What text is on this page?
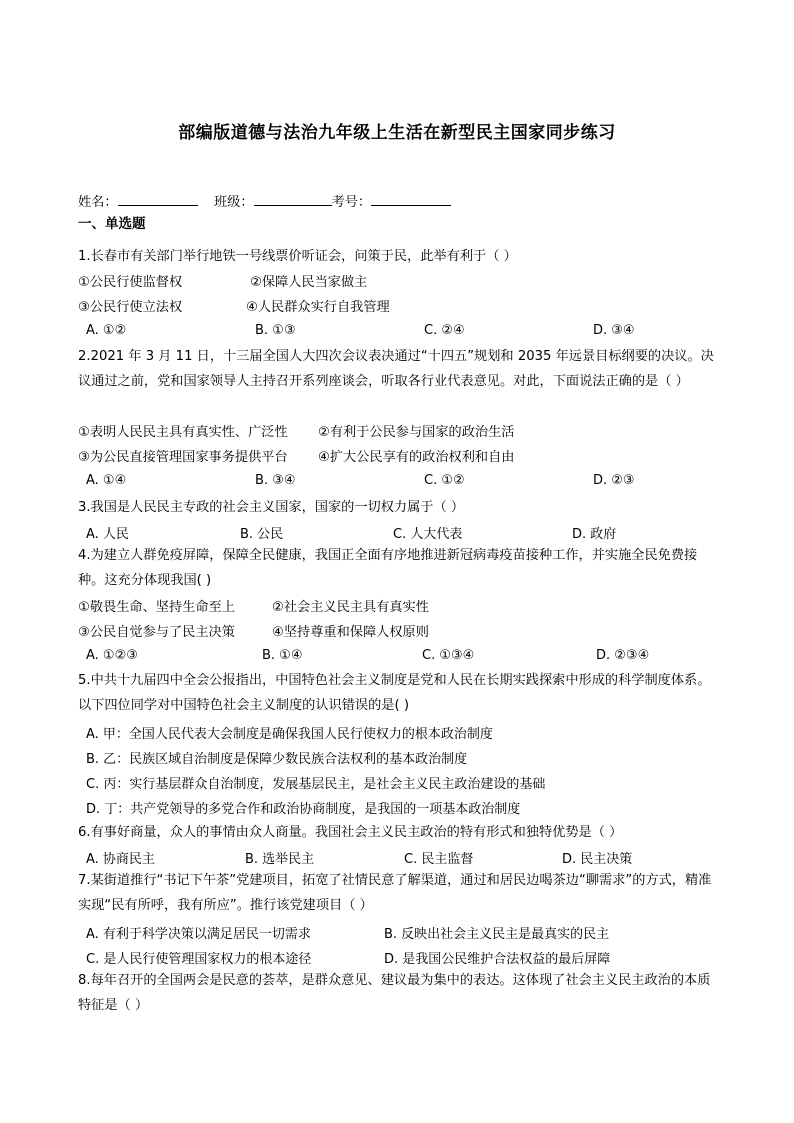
部编版道德与法治九年级上生活在新型民主国家同步练习
姓名：	班级：	考号：
一、单选题
1.长春市有关部门举行地铁一号线票价听证会，问策于民，此举有利于（ ）
①公民行使监督权	②保障人民当家做主
③公民行使立法权	④人民群众实行自我管理
A. ①②	B. ①③	C. ②④	D. ③④
2.2021 年 3 月 11 日，十三届全国人大四次会议表决通过“十四五”规划和 2035 年远景目标纲要的决议。决议通过之前，党和国家领导人主持召开系列座谈会，听取各行业代表意见。对此，下面说法正确的是（ ）
①表明人民民主具有真实性、广泛性 ②有利于公民参与国家的政治生活
③为公民直接管理国家事务提供平台 ④扩大公民享有的政治权利和自由
A. ①④	B. ③④	C. ①②	D. ②③
3.我国是人民民主专政的社会主义国家，国家的一切权力属于（ ）
A. 人民	B. 公民	C. 人大代表	D. 政府
4.为建立人群免疫屏障，保障全民健康，我国正全面有序地推进新冠病毒疫苗接种工作，并实施全民免费接种。这充分体现我国( )
①敬畏生命、坚持生命至上	②社会主义民主具有真实性
③公民自觉参与了民主决策	④坚持尊重和保障人权原则
A. ①②③	B. ①④	C. ①③④	D. ②③④
5.中共十九届四中全会公报指出，中国特色社会主义制度是党和人民在长期实践探索中形成的科学制度体系。以下四位同学对中国特色社会主义制度的认识错误的是( )
A. 甲：全国人民代表大会制度是确保我国人民行使权力的根本政治制度
B. 乙：民族区域自治制度是保障少数民族合法权利的基本政治制度
C. 丙：实行基层群众自治制度，发展基层民主，是社会主义民主政治建设的基础
D. 丁：共产党领导的多党合作和政治协商制度，是我国的一项基本政治制度
6.有事好商量，众人的事情由众人商量。我国社会主义民主政治的特有形式和独特优势是（ ）
A. 协商民主	B. 选举民主	C. 民主监督	D. 民主决策
7.某街道推行“书记下午茶”党建项目，拓宽了社情民意了解渠道，通过和居民边喝茶边“聊需求”的方式，精准实现“民有所呼，我有所应”。推行该党建项目（ ）
A. 有利于科学决策以满足居民一切需求	B. 反映出社会主义民主是最真实的民主
C. 是人民行使管理国家权力的根本途径	D. 是我国公民维护合法权益的最后屏障
8.每年召开的全国两会是民意的荟萃，是群众意见、建议最为集中的表达。这体现了社会主义民主政治的本质特征是（ ）
